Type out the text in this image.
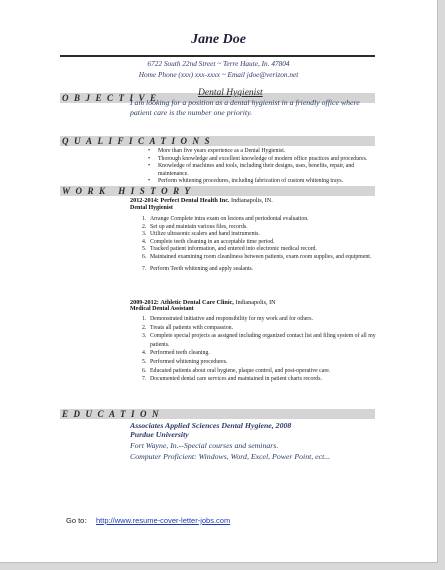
Jane Doe
6722 South 22nd Street ~ Terre Haute, In. 47804
Home Phone (xxx) xxx-xxxx ~ Email jdoe@verizon.net
OBJECTIVE	Dental Hygienist
I am looking for a position as a dental hygienist in a friendly office where patient care is the number one priority.
QUALIFICATIONS
• More than five years experience as a Dental Hygienist.
• Thorough knowledge and excellent knowledge of modern office practices and procedures.
• Knowledge of machines and tools, including their designs, uses, benefits, repair, and maintenance.
• Perform whitening procedures, including fabrication of custom whitening trays.
WORK HISTORY
2012-2014: Perfect Dental Health Inc. Indianapolis, IN.
Dental Hygienist
1. Arrange Complete intra exam on lesions and periodontal evaluation.
2. Set up and maintain various files, records.
3. Utilize ultrasonic scalers and hand instruments.
4. Complete teeth cleaning in an acceptable time period.
5. Tracked patient information, and entered into electronic medical record.
6. Maintained examining room cleanliness between patients, exam room supplies, and equipment.
7. Perform Teeth whitening and apply sealants.
2009-2012: Athletic Dental Care Clinic, Indianapolis, IN
Medical Dental Assistant
1. Demonstrated initiative and responsibility for my work and for others.
2. Treats all patients with compassion.
3. Complete special projects as assigned including organized contact list and filing system of all my patients.
4. Performed teeth cleaning.
5. Performed whitening procedures.
6. Educated patients about oral hygiene, plaque control, and post-operative care.
7. Documented dental care services and maintained in patient charts records.
EDUCATION
Associates Applied Sciences Dental Hygiene, 2008
Purdue University
Fort Wayne, In.--Special courses and seminars.
Computer Proficient: Windows, Word, Excel, Power Point, ect...
Go to: http://www.resume-cover-letter-jobs.com
